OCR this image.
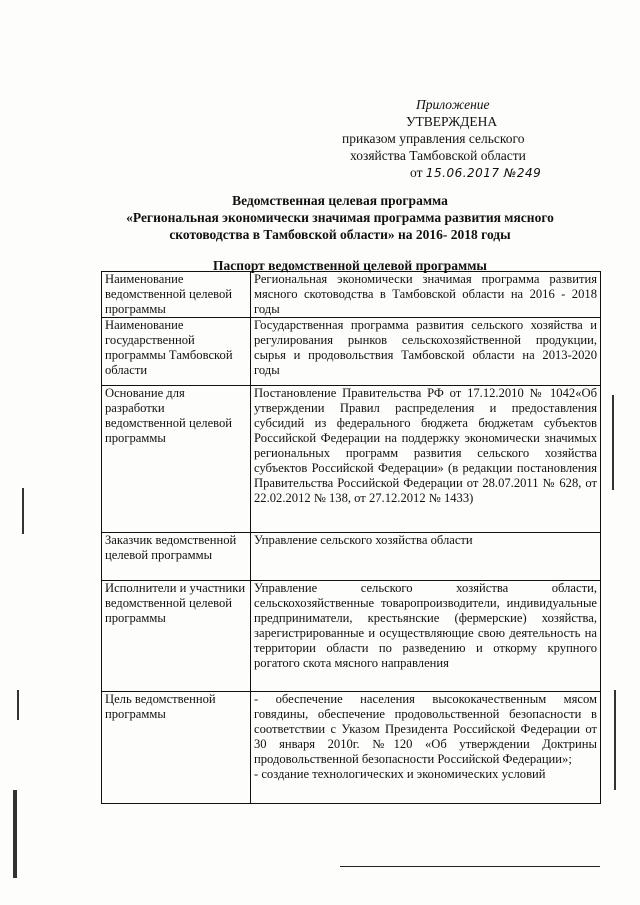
Приложение
УТВЕРЖДЕНА
приказом управления сельского
хозяйства Тамбовской области
от 15.06.2017 №249
Ведомственная целевая программа
«Региональная экономически значимая программа развития мясного
скотоводства в Тамбовской области» на 2016- 2018 годы
Паспорт ведомственной целевой программы
Наименование ведомственной целевой программы	Региональная экономически значимая программа развития мясного скотоводства в Тамбовской области на 2016 - 2018 годы
Наименование государственной программы Тамбовской области	Государственная программа развития сельского хозяйства и регулирования рынков сельскохозяйственной продукции, сырья и продовольствия Тамбовской области на 2013-2020 годы
Основание для разработки ведомственной целевой программы	Постановление Правительства РФ от 17.12.2010 № 1042«Об утверждении Правил распределения и предоставления субсидий из федерального бюджета бюджетам субъектов Российской Федерации на поддержку экономически значимых региональных программ развития сельского хозяйства субъектов Российской Федерации» (в редакции постановления Правительства Российской Федерации от 28.07.2011 № 628, от 22.02.2012 № 138, от 27.12.2012 № 1433)
Заказчик ведомственной целевой программы	Управление сельского хозяйства области
Исполнители и участники ведомственной целевой программы	Управление сельского хозяйства области, сельскохозяйственные товаропроизводители, индивидуальные предприниматели, крестьянские (фермерские) хозяйства, зарегистрированные и осуществляющие свою деятельность на территории области по разведению и откорму крупного рогатого скота мясного направления
Цель ведомственной программы	- обеспечение населения высококачественным мясом говядины, обеспечение продовольственной безопасности в соответствии с Указом Президента Российской Федерации от 30 января 2010г. №120 «Об утверждении Доктрины продовольственной безопасности Российской Федерации»;
- создание технологических и экономических условий
